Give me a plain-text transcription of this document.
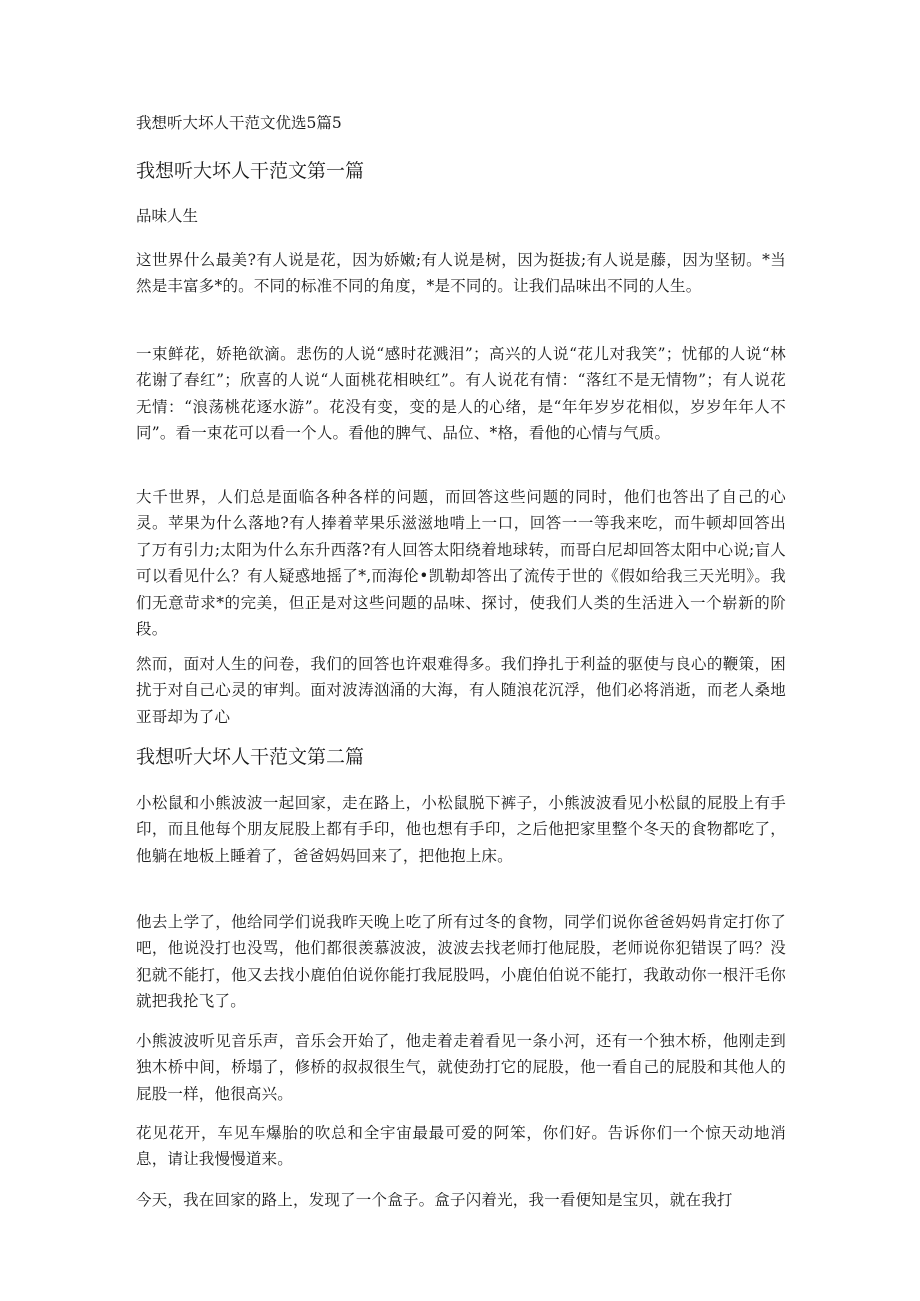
我想听大坏人干范文优选5篇5

我想听大坏人干范文第一篇

品味人生

这世界什么最美?有人说是花，因为娇嫩;有人说是树，因为挺拔;有人说是藤，因为坚韧。*当然是丰富多*的。不同的标准不同的角度，*是不同的。让我们品味出不同的人生。

一束鲜花，娇艳欲滴。悲伤的人说“感时花溅泪”；高兴的人说“花儿对我笑”；忧郁的人说“林花谢了春红”；欣喜的人说“人面桃花相映红”。有人说花有情：“落红不是无情物”；有人说花无情：“浪荡桃花逐水游”。花没有变，变的是人的心绪，是“年年岁岁花相似，岁岁年年人不同”。看一束花可以看一个人。看他的脾气、品位、*格，看他的心情与气质。

大千世界，人们总是面临各种各样的问题，而回答这些问题的同时，他们也答出了自己的心灵。苹果为什么落地?有人捧着苹果乐滋滋地啃上一口，回答一一等我来吃，而牛顿却回答出了万有引力;太阳为什么东升西落?有人回答太阳绕着地球转，而哥白尼却回答太阳中心说;盲人可以看见什么？有人疑惑地摇了*,而海伦•凯勒却答出了流传于世的《假如给我三天光明》。我们无意苛求*的完美，但正是对这些问题的品味、探讨，使我们人类的生活进入一个崭新的阶段。

然而，面对人生的问卷，我们的回答也许艰难得多。我们挣扎于利益的驱使与良心的鞭策，困扰于对自己心灵的审判。面对波涛汹涌的大海，有人随浪花沉浮，他们必将消逝，而老人桑地亚哥却为了心

我想听大坏人干范文第二篇

小松鼠和小熊波波一起回家，走在路上，小松鼠脱下裤子，小熊波波看见小松鼠的屁股上有手印，而且他每个朋友屁股上都有手印，他也想有手印，之后他把家里整个冬天的食物都吃了，他躺在地板上睡着了，爸爸妈妈回来了，把他抱上床。

他去上学了，他给同学们说我昨天晚上吃了所有过冬的食物，同学们说你爸爸妈妈肯定打你了吧，他说没打也没骂，他们都很羡慕波波，波波去找老师打他屁股，老师说你犯错误了吗？没犯就不能打，他又去找小鹿伯伯说你能打我屁股吗，小鹿伯伯说不能打，我敢动你一根汗毛你就把我抡飞了。

小熊波波听见音乐声，音乐会开始了，他走着走着看见一条小河，还有一个独木桥，他刚走到独木桥中间，桥塌了，修桥的叔叔很生气，就使劲打它的屁股，他一看自己的屁股和其他人的屁股一样，他很高兴。

花见花开，车见车爆胎的吹总和全宇宙最最可爱的阿笨，你们好。告诉你们一个惊天动地消息，请让我慢慢道来。

今天，我在回家的路上，发现了一个盒子。盒子闪着光，我一看便知是宝贝，就在我打
